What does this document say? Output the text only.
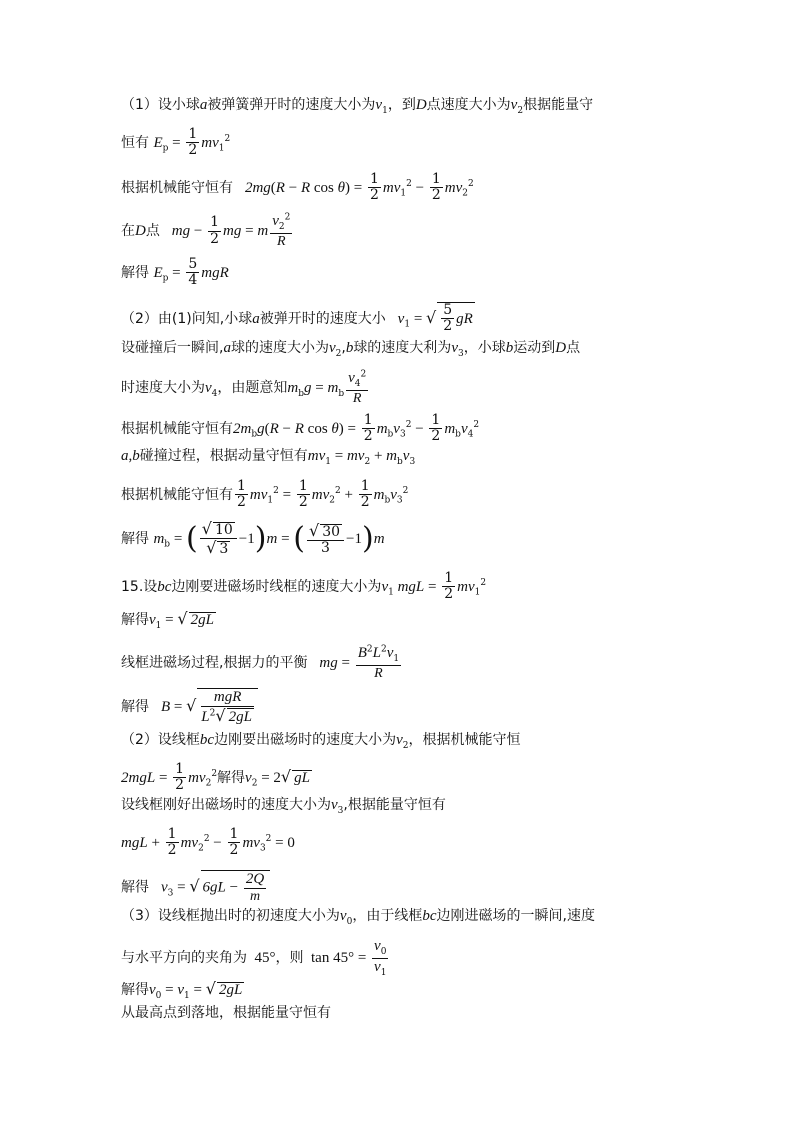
（1）设小球a被弹簧弹开时的速度大小为$v_1$，到D点速度大小为$v_2$根据能量守
恒有 $E_p = \frac{1}{2} mv_1^2$
根据机械能守恒有   2mg(R − R $\cos \theta) = \frac{1}{2} mv_1^2 - \frac{1}{2} mv_2^2$
在D点   mg − $\frac{1}{2}$ mg = m $\frac{v_2^2}{R}$
解得 $E_p = \frac{5}{4}$ mgR
（2）由(1)问知,小球a被弹开时的速度大小   $v_1$ = √ $\frac{5}{2}$ gR
设碰撞后一瞬间,a球的速度大小为$v_2,b$球的速度大利为$v_3$，小球b运动到D点
时速度大小为$v_4$，由题意知$m_bg = m_b \frac{v_4^2}{R}$
根据机械能守恒有$2m_bg(R - R$ $\cos \theta) = \frac{1}{2} m_bv_3^2 - \frac{1}{2} m_bv_4^2$
a,b碰撞过程，根据动量守恒有$mv_1 = mv_2 + m_bv_3$
根据机械能守恒有 $\frac{1}{2} mv_1^2 = \frac{1}{2} mv_2^2 + \frac{1}{2} m_bv_3^2$
解得 $m_b$ = ( $\frac{√ 10}{√ 3} -1)m$ = ( $\frac{√ 30}{3} -1)m$
15.设bc边刚要进磁场时线框的速度大小为$v_1$ mgL = $\frac{1}{2} mv_1^2$
解得$v_1$ = √ 2gL
线框进磁场过程,根据力的平衡   mg = $\frac{B^2L^2v_1}{R}$
解得   B = √ $\frac{\text{mgR}}{L^2√ 2gL}$
（2）设线框bc边刚要出磁场时的速度大小为$v_2$，根据机械能守恒
$2mgL = \frac{1}{2} mv_2^2$解得$v_2 = 2√$ gL
设线框刚好出磁场时的速度大小为$v_3$,根据能量守恒有
mgL + $\frac{1}{2} mv_2^2 - \frac{1}{2} mv_3^2 = 0$
解得   $v_3$ = √ $6gL - \frac{2Q}{m}$
（3）设线框抛出时的初速度大小为$v_0$，由于线框bc边刚进磁场的一瞬间,速度
与水平方向的夹角为  45°，则  $\tan 45^\circ = \frac{v_0}{v_1}$
解得$v_0 = v_1$ = √ 2gL
从最高点到落地，根据能量守恒有
